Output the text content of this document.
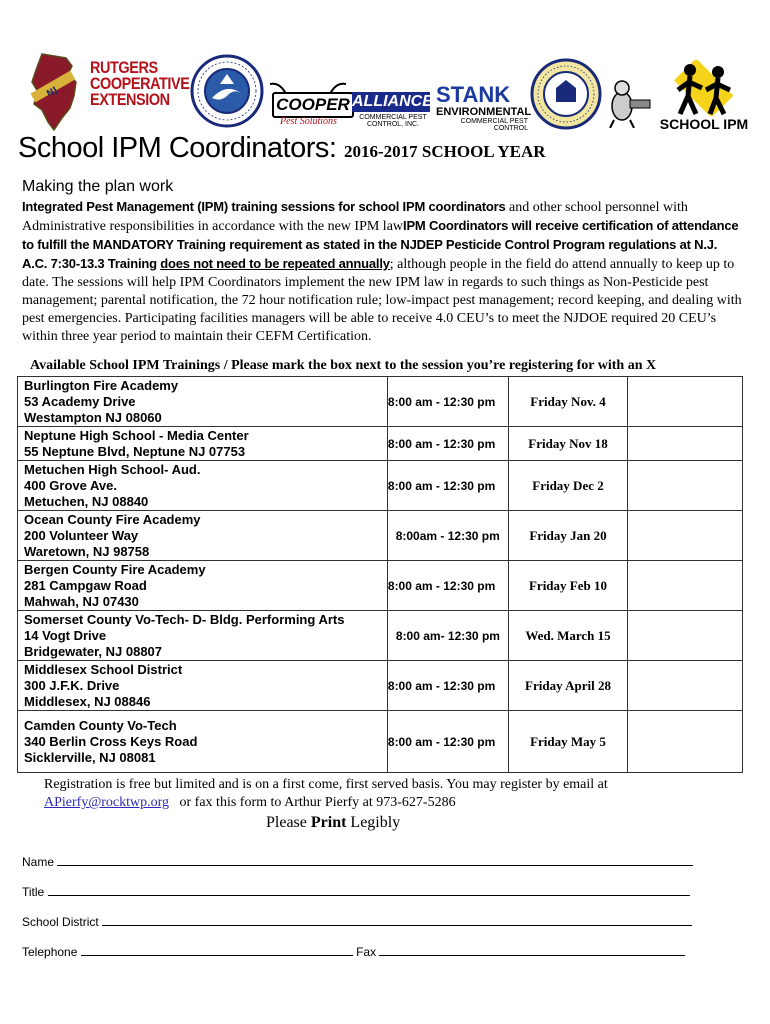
NJ
RUTGERS
COOPERATIVE
EXTENSION	COOPER
Pest Solutions
ALLIANCE
COMMERCIAL PEST CONTROL, INC.
STANK
ENVIRONMENTAL
COMMERCIAL PEST CONTROL	SCHOOL IPM
School IPM Coordinators: 2016-2017 SCHOOL YEAR
Making the plan work
Integrated Pest Management (IPM) training sessions for school IPM coordinators and other school personnel with Administrative responsibilities in accordance with the new IPM lawIPM Coordinators will receive certification of attendance to fulfill the MANDATORY Training requirement as stated in the NJDEP Pesticide Control Program regulations at N.J. A.C. 7:30-13.3 Training does not need to be repeated annually; although people in the field do attend annually to keep up to date. The sessions will help IPM Coordinators implement the new IPM law in regards to such things as Non-Pesticide pest management; parental notification, the 72 hour notification rule; low-impact pest management; record keeping, and dealing with pest emergencies. Participating facilities managers will be able to receive 4.0 CEU’s to meet the NJDOE required 20 CEU’s within three year period to maintain their CEFM Certification.
Available School IPM Trainings / Please mark the box next to the session you’re registering for with an X
Burlington Fire Academy
53 Academy Drive
Westampton NJ 08060	8:00 am - 12:30 pm	Friday Nov. 4	

Neptune High School - Media Center
55 Neptune Blvd, Neptune NJ 07753	8:00 am - 12:30 pm	Friday Nov 18	

Metuchen High School- Aud.
400 Grove Ave.
Metuchen, NJ 08840	8:00 am - 12:30 pm	Friday Dec 2	

Ocean County Fire Academy
200 Volunteer Way
Waretown, NJ 98758	8:00am - 12:30 pm	Friday Jan 20	

Bergen County Fire Academy
281 Campgaw Road
Mahwah, NJ 07430	8:00 am - 12:30 pm	Friday Feb 10	

Somerset County Vo-Tech- D- Bldg. Performing Arts
14 Vogt Drive
Bridgewater, NJ 08807	8:00 am- 12:30 pm	Wed. March 15	

Middlesex School District
300 J.F.K. Drive
Middlesex, NJ 08846	8:00 am - 12:30 pm	Friday April 28	

Camden County Vo-Tech
340 Berlin Cross Keys Road
Sicklerville, NJ 08081	8:00 am - 12:30 pm	Friday May 5	
Registration is free but limited and is on a first come, first served basis. You may register by email at
APierfy@rocktwp.org   or fax this form to Arthur Pierfy at 973-627-5286
Please Print Legibly
Name
Title
School District
Telephone	Fax
